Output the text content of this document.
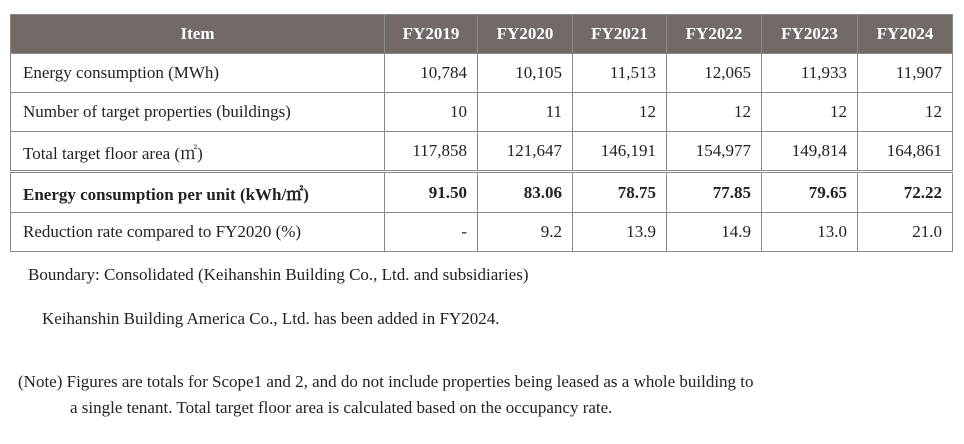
Item	FY2019	FY2020	FY2021	FY2022	FY2023	FY2024
Energy consumption (MWh)	10,784	10,105	11,513	12,065	11,933	11,907
Number of target properties (buildings)	10	11	12	12	12	12
Total target floor area (㎡)	117,858	121,647	146,191	154,977	149,814	164,861
Energy consumption per unit (kWh/㎡)	91.50	83.06	78.75	77.85	79.65	72.22
Reduction rate compared to FY2020 (%)	-	9.2	13.9	14.9	13.0	21.0

Boundary: Consolidated (Keihanshin Building Co., Ltd. and subsidiaries)

Keihanshin Building America Co., Ltd. has been added in FY2024.

(Note) Figures are totals for Scope1 and 2, and do not include properties being leased as a whole building to

a single tenant. Total target floor area is calculated based on the occupancy rate.
